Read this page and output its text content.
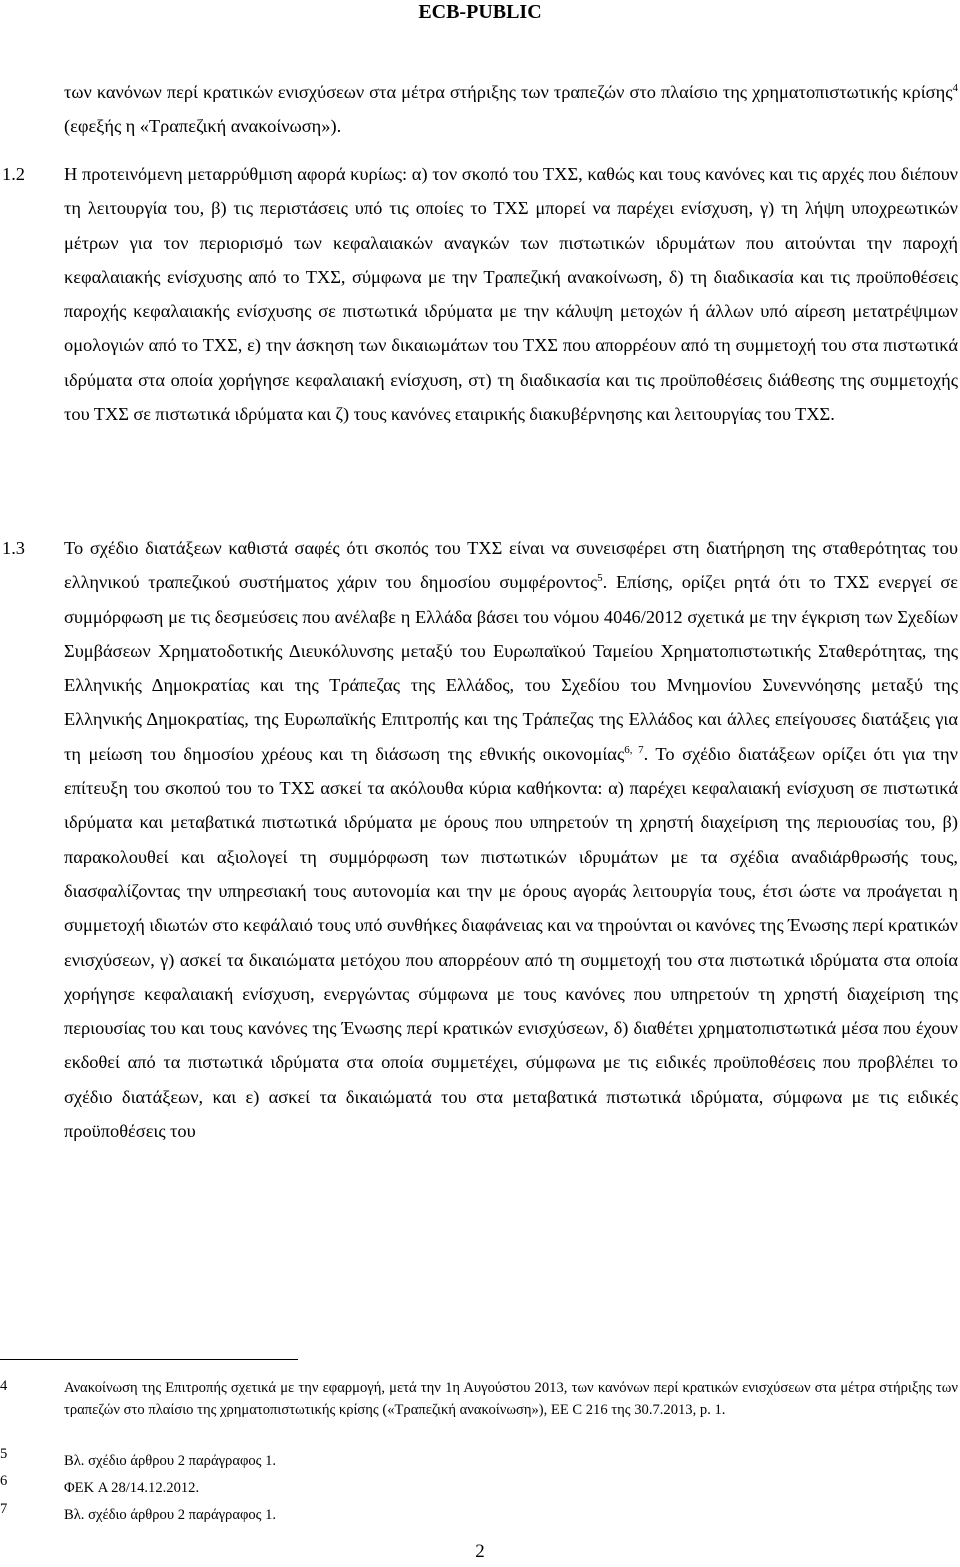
ECB-PUBLIC
των κανόνων περί κρατικών ενισχύσεων στα μέτρα στήριξης των τραπεζών στο πλαίσιο της χρηματοπιστωτικής κρίσης$^4$ (εφεξής η «Τραπεζική ανακοίνωση»).
1.2 Η προτεινόμενη μεταρρύθμιση αφορά κυρίως: α) τον σκοπό του ΤΧΣ, καθώς και τους κανόνες και τις αρχές που διέπουν τη λειτουργία του, β) τις περιστάσεις υπό τις οποίες το ΤΧΣ μπορεί να παρέχει ενίσχυση, γ) τη λήψη υποχρεωτικών μέτρων για τον περιορισμό των κεφαλαιακών αναγκών των πιστωτικών ιδρυμάτων που αιτούνται την παροχή κεφαλαιακής ενίσχυσης από το ΤΧΣ, σύμφωνα με την Τραπεζική ανακοίνωση, δ) τη διαδικασία και τις προϋποθέσεις παροχής κεφαλαιακής ενίσχυσης σε πιστωτικά ιδρύματα με την κάλυψη μετοχών ή άλλων υπό αίρεση μετατρέψιμων ομολογιών από το ΤΧΣ, ε) την άσκηση των δικαιωμάτων του ΤΧΣ που απορρέουν από τη συμμετοχή του στα πιστωτικά ιδρύματα στα οποία χορήγησε κεφαλαιακή ενίσχυση, στ) τη διαδικασία και τις προϋποθέσεις διάθεσης της συμμετοχής του ΤΧΣ σε πιστωτικά ιδρύματα και ζ) τους κανόνες εταιρικής διακυβέρνησης και λειτουργίας του ΤΧΣ.
1.3 Το σχέδιο διατάξεων καθιστά σαφές ότι σκοπός του ΤΧΣ είναι να συνεισφέρει στη διατήρηση της σταθερότητας του ελληνικού τραπεζικού συστήματος χάριν του δημοσίου συμφέροντος$^5$. Επίσης, ορίζει ρητά ότι το ΤΧΣ ενεργεί σε συμμόρφωση με τις δεσμεύσεις που ανέλαβε η Ελλάδα βάσει του νόμου 4046/2012 σχετικά με την έγκριση των Σχεδίων Συμβάσεων Χρηματοδοτικής Διευκόλυνσης μεταξύ του Ευρωπαϊκού Ταμείου Χρηματοπιστωτικής Σταθερότητας, της Ελληνικής Δημοκρατίας και της Τράπεζας της Ελλάδος, του Σχεδίου του Μνημονίου Συνεννόησης μεταξύ της Ελληνικής Δημοκρατίας, της Ευρωπαϊκής Επιτροπής και της Τράπεζας της Ελλάδος και άλλες επείγουσες διατάξεις για τη μείωση του δημοσίου χρέους και τη διάσωση της εθνικής οικονομίας$^{6, 7}$. Το σχέδιο διατάξεων ορίζει ότι για την επίτευξη του σκοπού του το ΤΧΣ ασκεί τα ακόλουθα κύρια καθήκοντα: α) παρέχει κεφαλαιακή ενίσχυση σε πιστωτικά ιδρύματα και μεταβατικά πιστωτικά ιδρύματα με όρους που υπηρετούν τη χρηστή διαχείριση της περιουσίας του, β) παρακολουθεί και αξιολογεί τη συμμόρφωση των πιστωτικών ιδρυμάτων με τα σχέδια αναδιάρθρωσής τους, διασφαλίζοντας την υπηρεσιακή τους αυτονομία και την με όρους αγοράς λειτουργία τους, έτσι ώστε να προάγεται η συμμετοχή ιδιωτών στο κεφάλαιό τους υπό συνθήκες διαφάνειας και να τηρούνται οι κανόνες της Ένωσης περί κρατικών ενισχύσεων, γ) ασκεί τα δικαιώματα μετόχου που απορρέουν από τη συμμετοχή του στα πιστωτικά ιδρύματα στα οποία χορήγησε κεφαλαιακή ενίσχυση, ενεργώντας σύμφωνα με τους κανόνες που υπηρετούν τη χρηστή διαχείριση της περιουσίας του και τους κανόνες της Ένωσης περί κρατικών ενισχύσεων, δ) διαθέτει χρηματοπιστωτικά μέσα που έχουν εκδοθεί από τα πιστωτικά ιδρύματα στα οποία συμμετέχει, σύμφωνα με τις ειδικές προϋποθέσεις που προβλέπει το σχέδιο διατάξεων, και ε) ασκεί τα δικαιώματά του στα μεταβατικά πιστωτικά ιδρύματα, σύμφωνα με τις ειδικές προϋποθέσεις του
4	Ανακοίνωση της Επιτροπής σχετικά με την εφαρμογή, μετά την 1η Αυγούστου 2013, των κανόνων περί κρατικών ενισχύσεων στα μέτρα στήριξης των τραπεζών στο πλαίσιο της χρηματοπιστωτικής κρίσης («Τραπεζική ανακοίνωση»), ΕΕ C 216 της 30.7.2013, p. 1.
5	Βλ. σχέδιο άρθρου 2 παράγραφος 1.
6	ΦΕΚ A 28/14.12.2012.
7	Βλ. σχέδιο άρθρου 2 παράγραφος 1.
2
